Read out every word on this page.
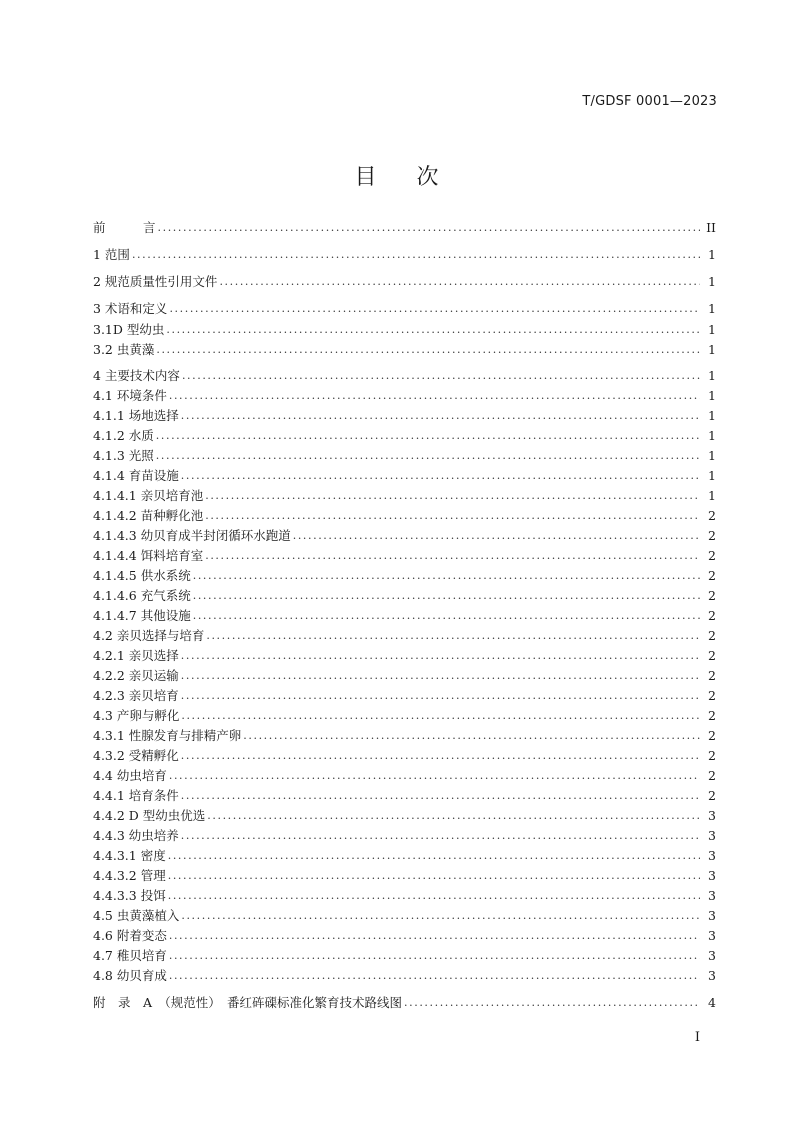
T/GDSF 0001—2023
目 次
前　　　言 .....	II
1 范围 .....	1
2 规范质量性引用文件 .....	1
3 术语和定义 .....	1
3.1D 型幼虫 .....	1
3.2 虫黄藻 .....	1
4 主要技术内容 .....	1
4.1 环境条件 .....	1
4.1.1 场地选择 .....	1
4.1.2 水质 .....	1
4.1.3 光照 .....	1
4.1.4 育苗设施 .....	1
4.1.4.1 亲贝培育池 .....	1
4.1.4.2 苗种孵化池 .....	2
4.1.4.3 幼贝育成半封闭循环水跑道 .....	2
4.1.4.4 饵料培育室 .....	2
4.1.4.5 供水系统 .....	2
4.1.4.6 充气系统 .....	2
4.1.4.7 其他设施 .....	2
4.2 亲贝选择与培育 .....	2
4.2.1 亲贝选择 .....	2
4.2.2 亲贝运输 .....	2
4.2.3 亲贝培育 .....	2
4.3 产卵与孵化 .....	2
4.3.1 性腺发育与排精产卵 .....	2
4.3.2 受精孵化 .....	2
4.4 幼虫培育 .....	2
4.4.1 培育条件 .....	2
4.4.2 D 型幼虫优选 .....	3
4.4.3 幼虫培养 .....	3
4.4.3.1 密度 .....	3
4.4.3.2 管理 .....	3
4.4.3.3 投饵 .....	3
4.5 虫黄藻植入 .....	3
4.6 附着变态 .....	3
4.7 稚贝培育 .....	3
4.8 幼贝育成 .....	3
附　录　A　（规范性）　番红砗磲标准化繁育技术路线图 .....	4
I
